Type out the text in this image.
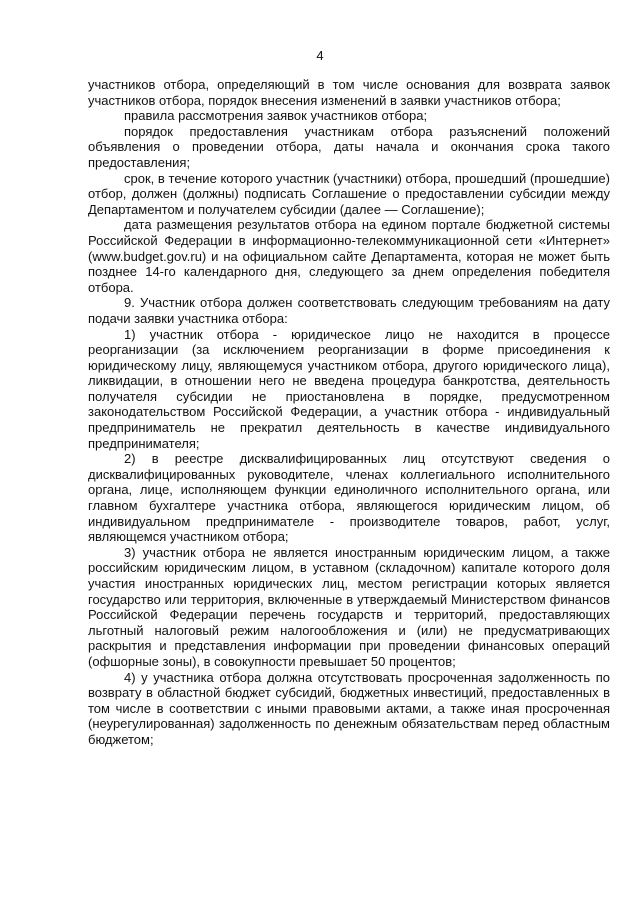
4

участников отбора, определяющий в том числе основания для возврата заявок участников отбора, порядок внесения изменений в заявки участников отбора;

правила рассмотрения заявок участников отбора;

порядок предоставления участникам отбора разъяснений положений объявления о проведении отбора, даты начала и окончания срока такого предоставления;

срок, в течение которого участник (участники) отбора, прошедший (прошедшие) отбор, должен (должны) подписать Соглашение о предоставлении субсидии между Департаментом и получателем субсидии (далее — Соглашение);

дата размещения результатов отбора на едином портале бюджетной системы Российской Федерации в информационно-телекоммуникационной сети «Интернет» (www.budget.gov.ru) и на официальном сайте Департамента, которая не может быть позднее 14-го календарного дня, следующего за днем определения победителя отбора.

9. Участник отбора должен соответствовать следующим требованиям на дату подачи заявки участника отбора:

1) участник отбора - юридическое лицо не находится в процессе реорганизации (за исключением реорганизации в форме присоединения к юридическому лицу, являющемуся участником отбора, другого юридического лица), ликвидации, в отношении него не введена процедура банкротства, деятельность получателя субсидии не приостановлена в порядке, предусмотренном законодательством Российской Федерации, а участник отбора - индивидуальный предприниматель не прекратил деятельность в качестве индивидуального предпринимателя;

2) в реестре дисквалифицированных лиц отсутствуют сведения о дисквалифицированных руководителе, членах коллегиального исполнительного органа, лице, исполняющем функции единоличного исполнительного органа, или главном бухгалтере участника отбора, являющегося юридическим лицом, об индивидуальном предпринимателе - производителе товаров, работ, услуг, являющемся участником отбора;

3) участник отбора не является иностранным юридическим лицом, а также российским юридическим лицом, в уставном (складочном) капитале которого доля участия иностранных юридических лиц, местом регистрации которых является государство или территория, включенные в утверждаемый Министерством финансов Российской Федерации перечень государств и территорий, предоставляющих льготный налоговый режим налогообложения и (или) не предусматривающих раскрытия и представления информации при проведении финансовых операций (офшорные зоны), в совокупности превышает 50 процентов;

4) у участника отбора должна отсутствовать просроченная задолженность по возврату в областной бюджет субсидий, бюджетных инвестиций, предоставленных в том числе в соответствии с иными правовыми актами, а также иная просроченная (неурегулированная) задолженность по денежным обязательствам перед областным бюджетом;
